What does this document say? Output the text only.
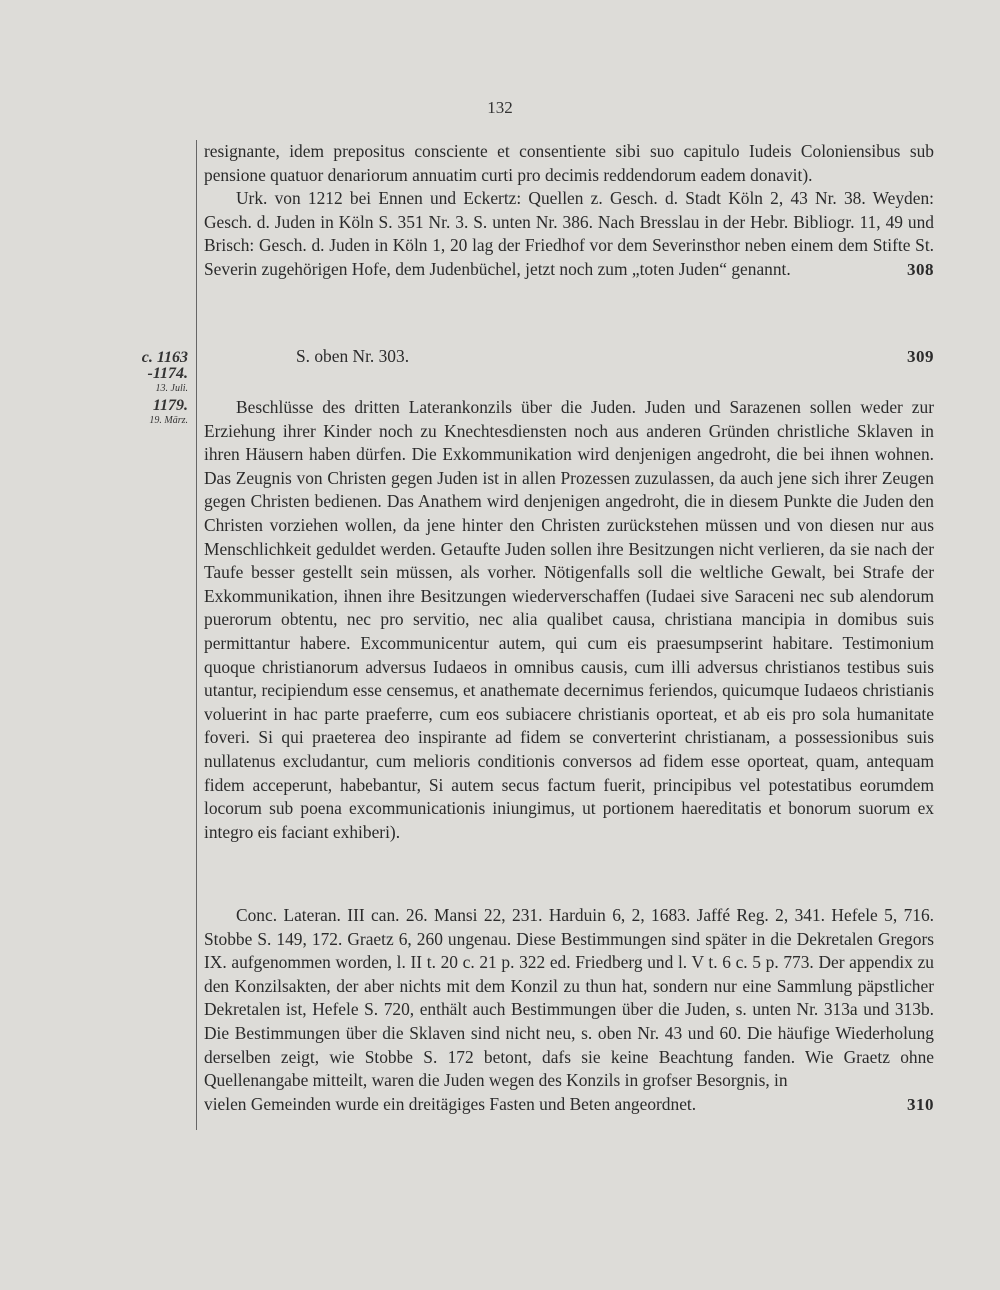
132
c. 1163
-1174.
13. Juli.
1179.
19. März.

resignante, idem prepositus consciente et consentiente sibi suo capitulo Iudeis Coloniensibus sub pensione quatuor denariorum annuatim curti pro decimis reddendorum eadem donavit).

Urk. von 1212 bei Ennen und Eckertz: Quellen z. Gesch. d. Stadt Köln 2, 43 Nr. 38. Weyden: Gesch. d. Juden in Köln S. 351 Nr. 3. S. unten Nr. 386. Nach Bresslau in der Hebr. Bibliogr. 11, 49 und Brisch: Gesch. d. Juden in Köln 1, 20 lag der Friedhof vor dem Severinsthor neben einem dem Stifte St. Severin zugehörigen Hofe, dem Judenbüchel, jetzt noch zum „toten Juden“ genannt.	308

S. oben Nr. 303.	309

Beschlüsse des dritten Laterankonzils über die Juden. Juden und Sarazenen sollen weder zur Erziehung ihrer Kinder noch zu Knechtesdiensten noch aus anderen Gründen christliche Sklaven in ihren Häusern haben dürfen. Die Exkommunikation wird denjenigen angedroht, die bei ihnen wohnen. Das Zeugnis von Christen gegen Juden ist in allen Prozessen zuzulassen, da auch jene sich ihrer Zeugen gegen Christen bedienen. Das Anathem wird denjenigen angedroht, die in diesem Punkte die Juden den Christen vorziehen wollen, da jene hinter den Christen zurückstehen müssen und von diesen nur aus Menschlichkeit geduldet werden. Getaufte Juden sollen ihre Besitzungen nicht verlieren, da sie nach der Taufe besser gestellt sein müssen, als vorher. Nötigenfalls soll die weltliche Gewalt, bei Strafe der Exkommunikation, ihnen ihre Besitzungen wiederverschaffen (Iudaei sive Saraceni nec sub alendorum puerorum obtentu, nec pro servitio, nec alia qualibet causa, christiana mancipia in domibus suis permittantur habere. Excommunicentur autem, qui cum eis praesumpserint habitare. Testimonium quoque christianorum adversus Iudaeos in omnibus causis, cum illi adversus christianos testibus suis utantur, recipiendum esse censemus, et anathemate decernimus feriendos, quicumque Iudaeos christianis voluerint in hac parte praeferre, cum eos subiacere christianis oporteat, et ab eis pro sola humanitate foveri. Si qui praeterea deo inspirante ad fidem se converterint christianam, a possessionibus suis nullatenus excludantur, cum melioris conditionis conversos ad fidem esse oporteat, quam, antequam fidem acceperunt, habebantur, Si autem secus factum fuerit, principibus vel potestatibus eorumdem locorum sub poena excommunicationis iniungimus, ut portionem haereditatis et bonorum suorum ex integro eis faciant exhiberi).

Conc. Lateran. III can. 26. Mansi 22, 231. Harduin 6, 2, 1683. Jaffé Reg. 2, 341. Hefele 5, 716. Stobbe S. 149, 172. Graetz 6, 260 ungenau. Diese Bestimmungen sind später in die Dekretalen Gregors IX. aufgenommen worden, l. II t. 20 c. 21 p. 322 ed. Friedberg und l. V t. 6 c. 5 p. 773. Der appendix zu den Konzilsakten, der aber nichts mit dem Konzil zu thun hat, sondern nur eine Sammlung päpstlicher Dekretalen ist, Hefele S. 720, enthält auch Bestimmungen über die Juden, s. unten Nr. 313a und 313b. Die Bestimmungen über die Sklaven sind nicht neu, s. oben Nr. 43 und 60. Die häufige Wiederholung derselben zeigt, wie Stobbe S. 172 betont, dafs sie keine Beachtung fanden. Wie Graetz ohne Quellenangabe mitteilt, waren die Juden wegen des Konzils in grofser Besorgnis, in

vielen Gemeinden wurde ein dreitägiges Fasten und Beten angeordnet.	310
